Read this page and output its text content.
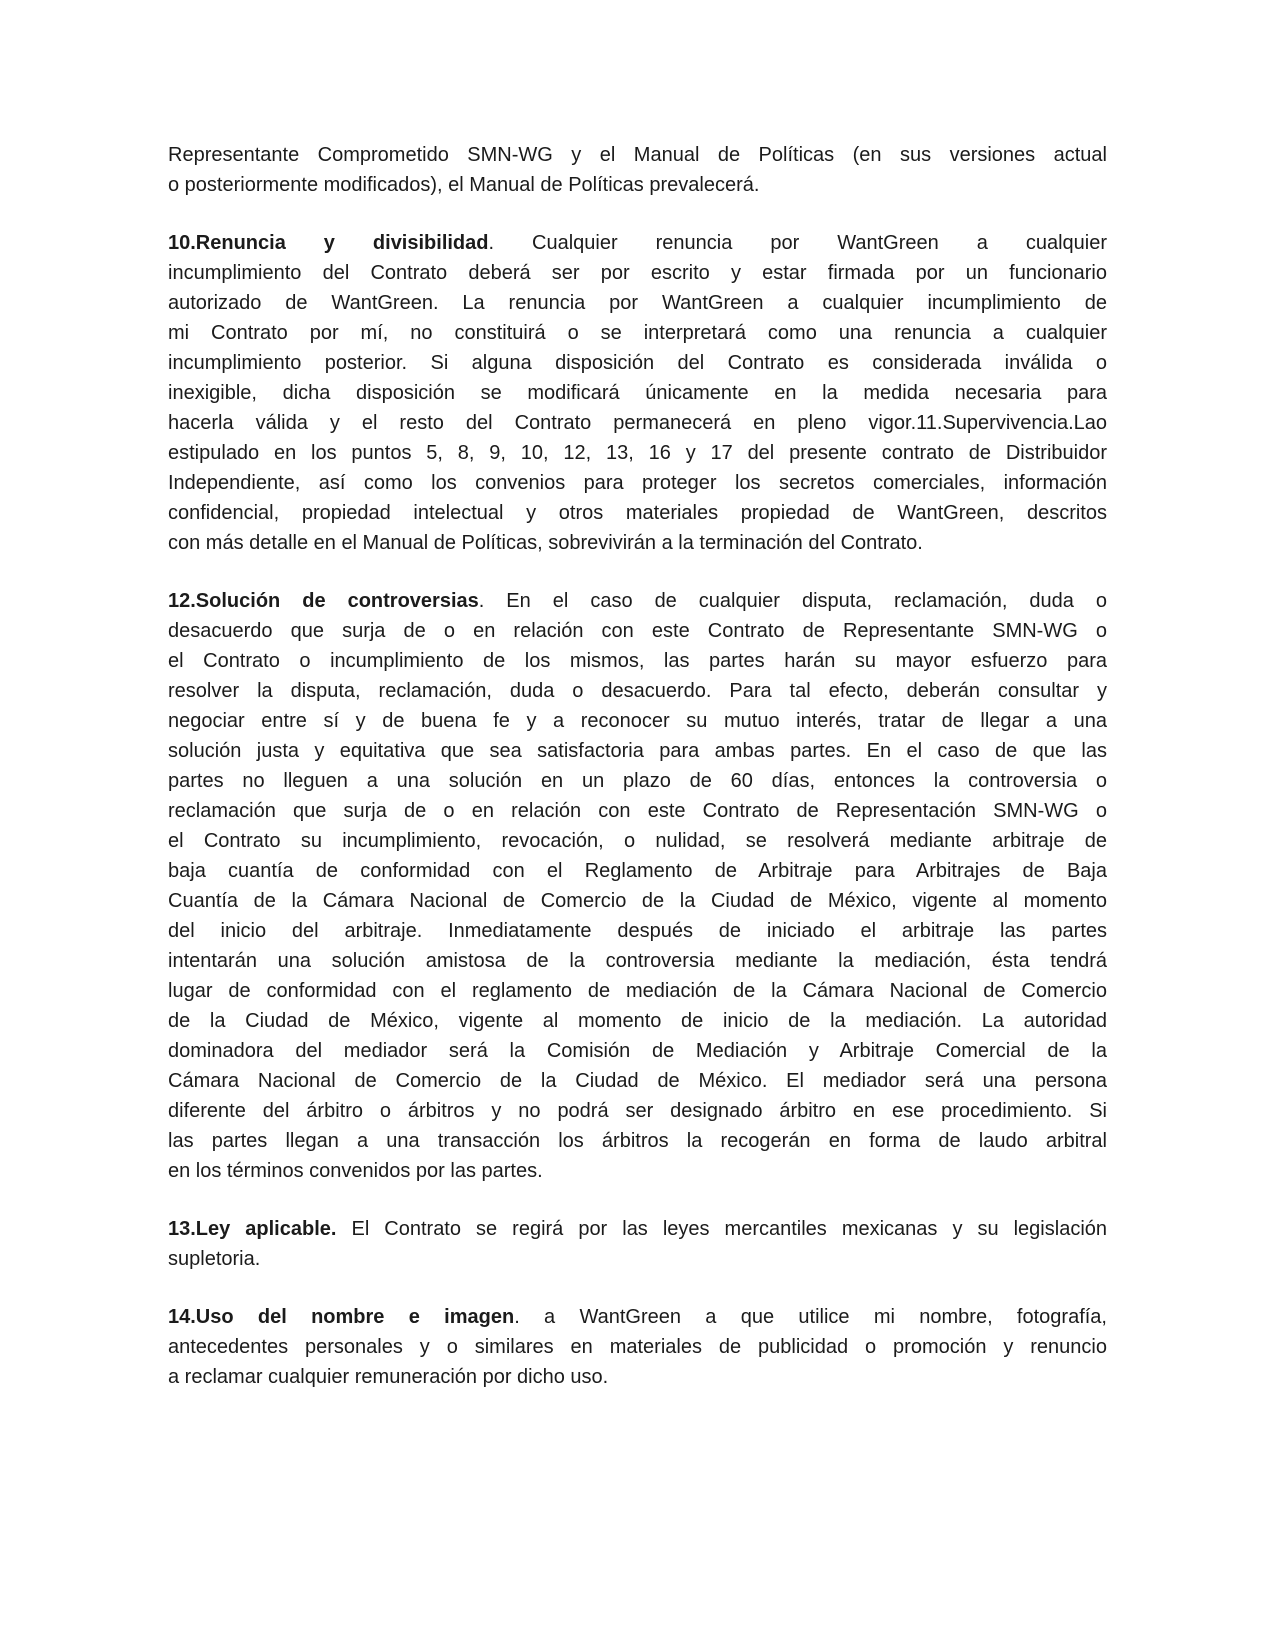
Representante Comprometido SMN-WG y el Manual de Políticas (en sus versiones actual
o posteriormente modificados), el Manual de Políticas prevalecerá.
10.Renuncia y divisibilidad. Cualquier renuncia por WantGreen a cualquier
incumplimiento del Contrato deberá ser por escrito y estar firmada por un funcionario
autorizado de WantGreen. La renuncia por WantGreen a cualquier incumplimiento de
mi Contrato por mí, no constituirá o se interpretará como una renuncia a cualquier
incumplimiento posterior. Si alguna disposición del Contrato es considerada inválida o
inexigible, dicha disposición se modificará únicamente en la medida necesaria para
hacerla válida y el resto del Contrato permanecerá en pleno vigor.11.Supervivencia.Lao
estipulado en los puntos 5, 8, 9, 10, 12, 13, 16 y 17 del presente contrato de Distribuidor
Independiente, así como los convenios para proteger los secretos comerciales, información
confidencial, propiedad intelectual y otros materiales propiedad de WantGreen, descritos
con más detalle en el Manual de Políticas, sobrevivirán a la terminación del Contrato.
12.Solución de controversias. En el caso de cualquier disputa, reclamación, duda o
desacuerdo que surja de o en relación con este Contrato de Representante SMN-WG o
el Contrato o incumplimiento de los mismos, las partes harán su mayor esfuerzo para
resolver la disputa, reclamación, duda o desacuerdo. Para tal efecto, deberán consultar y
negociar entre sí y de buena fe y a reconocer su mutuo interés, tratar de llegar a una
solución justa y equitativa que sea satisfactoria para ambas partes. En el caso de que las
partes no lleguen a una solución en un plazo de 60 días, entonces la controversia o
reclamación que surja de o en relación con este Contrato de Representación SMN-WG o
el Contrato su incumplimiento, revocación, o nulidad, se resolverá mediante arbitraje de
baja cuantía de conformidad con el Reglamento de Arbitraje para Arbitrajes de Baja
Cuantía de la Cámara Nacional de Comercio de la Ciudad de México, vigente al momento
del inicio del arbitraje. Inmediatamente después de iniciado el arbitraje las partes
intentarán una solución amistosa de la controversia mediante la mediación, ésta tendrá
lugar de conformidad con el reglamento de mediación de la Cámara Nacional de Comercio
de la Ciudad de México, vigente al momento de inicio de la mediación. La autoridad
dominadora del mediador será la Comisión de Mediación y Arbitraje Comercial de la
Cámara Nacional de Comercio de la Ciudad de México. El mediador será una persona
diferente del árbitro o árbitros y no podrá ser designado árbitro en ese procedimiento. Si
las partes llegan a una transacción los árbitros la recogerán en forma de laudo arbitral
en los términos convenidos por las partes.
13.Ley aplicable. El Contrato se regirá por las leyes mercantiles mexicanas y su legislación
supletoria.
14.Uso del nombre e imagen. a WantGreen a que utilice mi nombre, fotografía,
antecedentes personales y o similares en materiales de publicidad o promoción y renuncio
a reclamar cualquier remuneración por dicho uso.
